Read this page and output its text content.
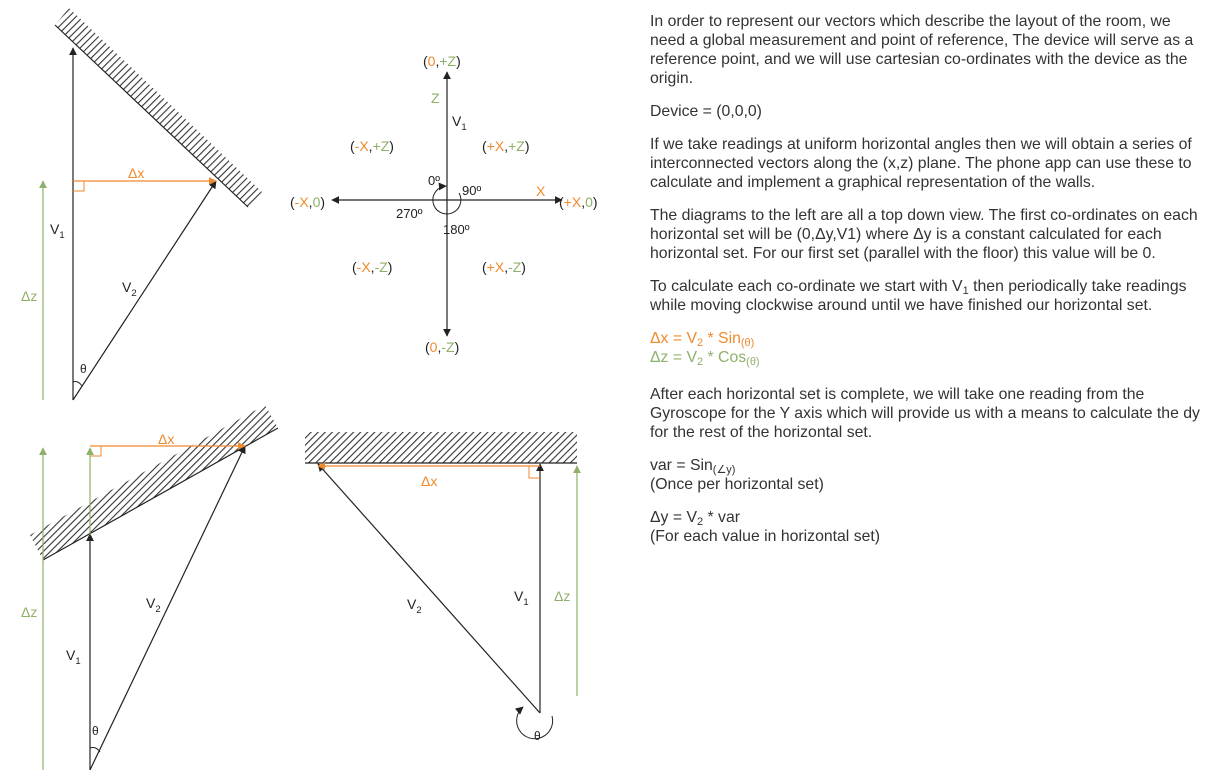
Δx
Δz
$V_1$
$V_2$
θ
(0,+Z)
(0,-Z)
(-X,0)	(+X,0)
(-X,+Z)	(+X,+Z)
(-X,-Z)	(+X,-Z)
Z
X
$V_1$
0º
90º
270º
180º
Δx
Δz
$V_1$
$V_2$
θ
Δx
Δz
$V_1$
$V_2$
θ

In order to represent our vectors which describe the layout of the room, we need a global measurement and point of reference, The device will serve as a reference point, and we will use cartesian co-ordinates with the device as the origin.

Device = (0,0,0)

If we take readings at uniform horizontal angles then we will obtain a series of interconnected vectors along the (x,z) plane. The phone app can use these to calculate and implement a graphical representation of the walls.

The diagrams to the left are all a top down view. The first co-ordinates on each horizontal set will be (0,Δy,V1) where Δy is a constant calculated for each horizontal set. For our first set (parallel with the floor) this value will be 0.

To calculate each co-ordinate we start with $V_1$ then periodically take readings while moving clockwise around until we have finished our horizontal set.

$\Delta x = V_2 * Sin_{(\theta)}$
$\Delta z = V_2 * Cos_{(\theta)}$

After each horizontal set is complete, we will take one reading from the Gyroscope for the Y axis which will provide us with a means to calculate the dy for the rest of the horizontal set.

var = Sin$_{(\angle y)}$
(Once per horizontal set)

$\Delta y = V_2$ * var
(For each value in horizontal set)
